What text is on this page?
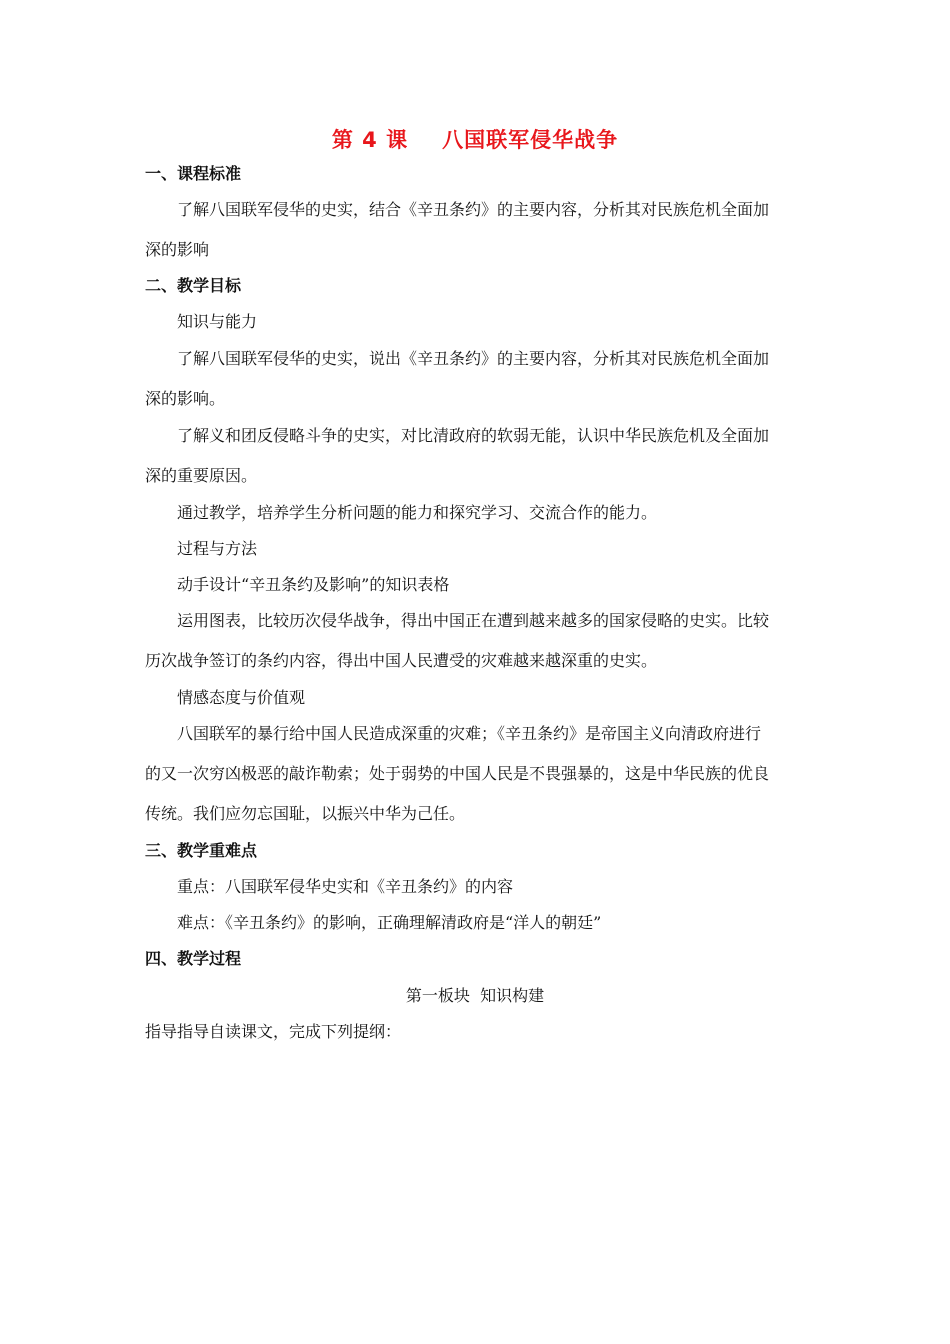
第 4 课 八国联军侵华战争
一、课程标准
了解八国联军侵华的史实，结合《辛丑条约》的主要内容，分析其对民族危机全面加
深的影响
二、教学目标
知识与能力
了解八国联军侵华的史实，说出《辛丑条约》的主要内容，分析其对民族危机全面加
深的影响。
了解义和团反侵略斗争的史实，对比清政府的软弱无能，认识中华民族危机及全面加
深的重要原因。
通过教学，培养学生分析问题的能力和探究学习、交流合作的能力。
过程与方法
动手设计“辛丑条约及影响”的知识表格
运用图表，比较历次侵华战争，得出中国正在遭到越来越多的国家侵略的史实。比较
历次战争签订的条约内容，得出中国人民遭受的灾难越来越深重的史实。
情感态度与价值观
八国联军的暴行给中国人民造成深重的灾难；《辛丑条约》是帝国主义向清政府进行
的又一次穷凶极恶的敲诈勒索；处于弱势的中国人民是不畏强暴的，这是中华民族的优良
传统。我们应勿忘国耻，以振兴中华为己任。
三、教学重难点
重点：八国联军侵华史实和《辛丑条约》的内容
难点：《辛丑条约》的影响，正确理解清政府是“洋人的朝廷”
四、教学过程
第一板块  知识构建
指导指导自读课文，完成下列提纲：
